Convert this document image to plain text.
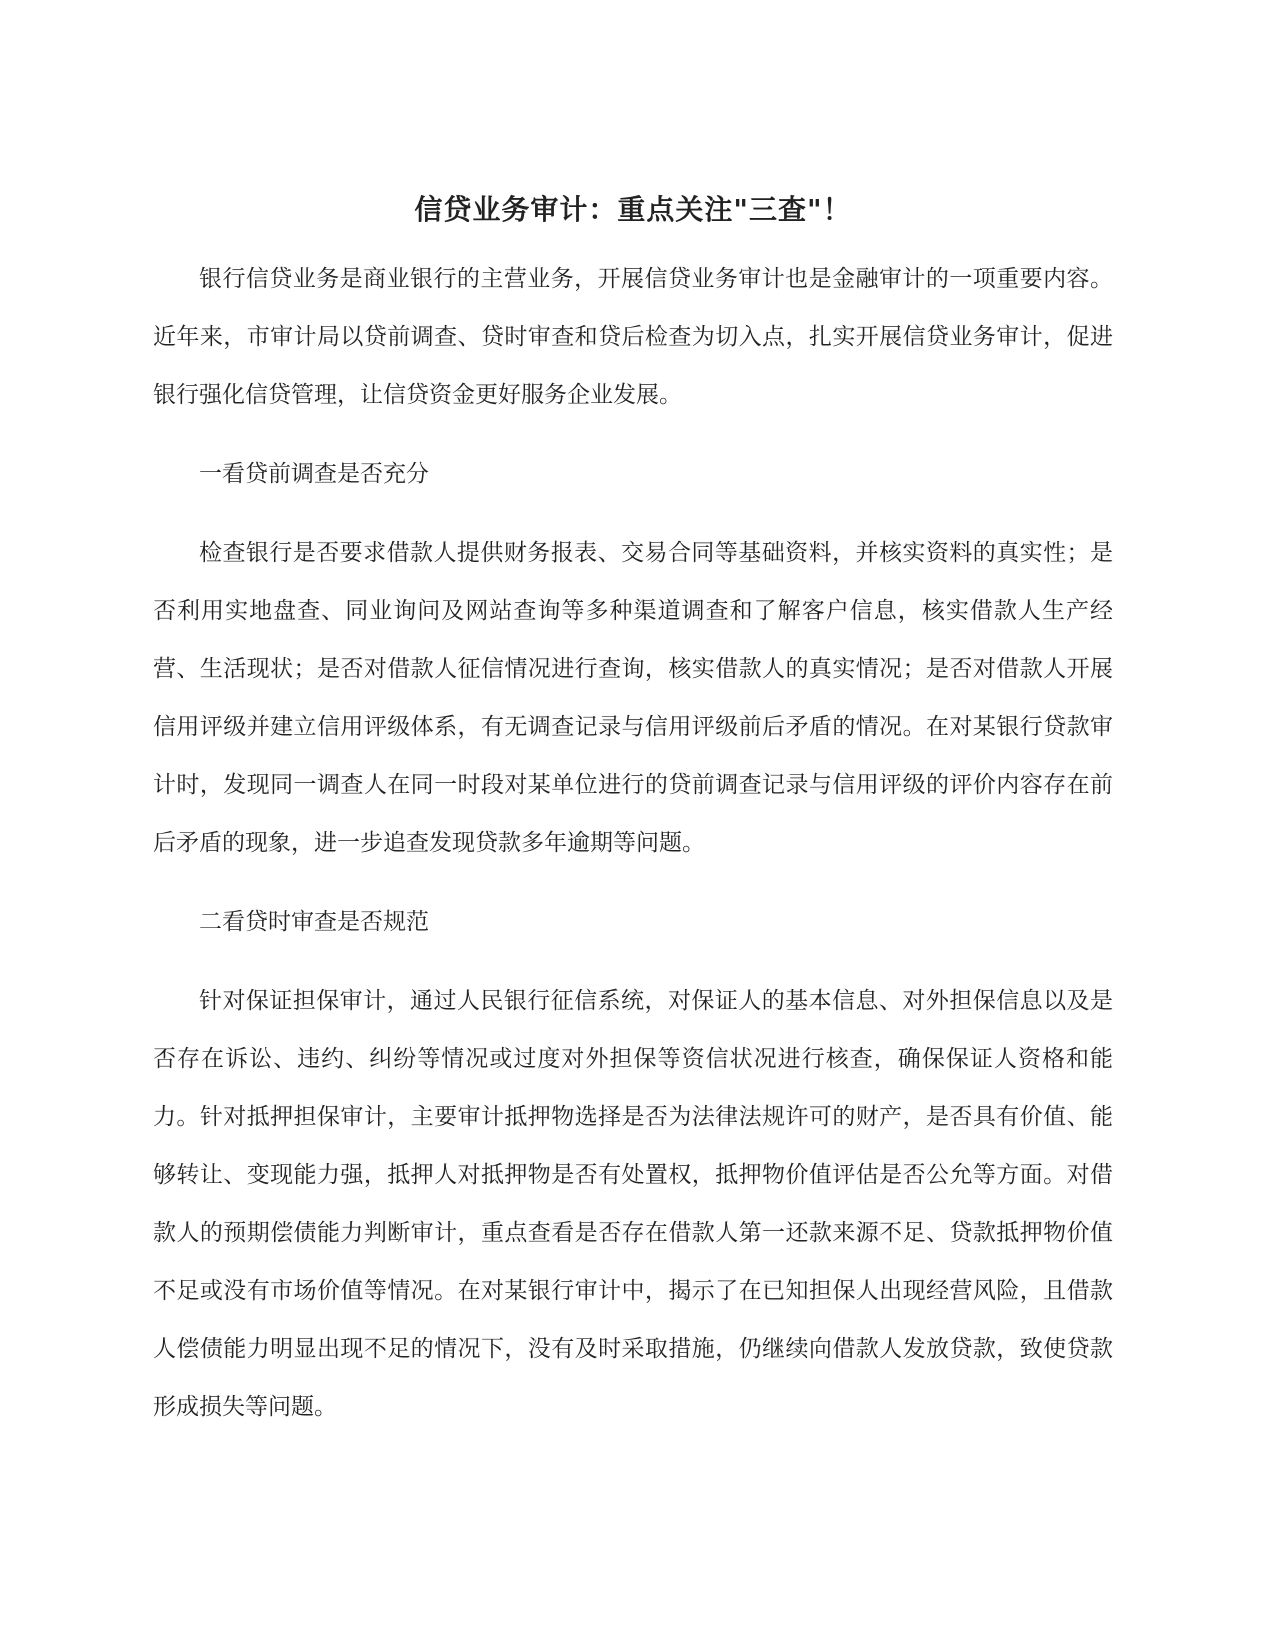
信贷业务审计：重点关注"三查"！

银行信贷业务是商业银行的主营业务，开展信贷业务审计也是金融审计的一项重要内容。近年来，市审计局以贷前调查、贷时审查和贷后检查为切入点，扎实开展信贷业务审计，促进银行强化信贷管理，让信贷资金更好服务企业发展。

一看贷前调查是否充分

检查银行是否要求借款人提供财务报表、交易合同等基础资料，并核实资料的真实性；是否利用实地盘查、同业询问及网站查询等多种渠道调查和了解客户信息，核实借款人生产经营、生活现状；是否对借款人征信情况进行查询，核实借款人的真实情况；是否对借款人开展信用评级并建立信用评级体系，有无调查记录与信用评级前后矛盾的情况。在对某银行贷款审计时，发现同一调查人在同一时段对某单位进行的贷前调查记录与信用评级的评价内容存在前后矛盾的现象，进一步追查发现贷款多年逾期等问题。

二看贷时审查是否规范

针对保证担保审计，通过人民银行征信系统，对保证人的基本信息、对外担保信息以及是否存在诉讼、违约、纠纷等情况或过度对外担保等资信状况进行核查，确保保证人资格和能力。针对抵押担保审计，主要审计抵押物选择是否为法律法规许可的财产，是否具有价值、能够转让、变现能力强，抵押人对抵押物是否有处置权，抵押物价值评估是否公允等方面。对借款人的预期偿债能力判断审计，重点查看是否存在借款人第一还款来源不足、贷款抵押物价值不足或没有市场价值等情况。在对某银行审计中，揭示了在已知担保人出现经营风险，且借款人偿债能力明显出现不足的情况下，没有及时采取措施，仍继续向借款人发放贷款，致使贷款形成损失等问题。
